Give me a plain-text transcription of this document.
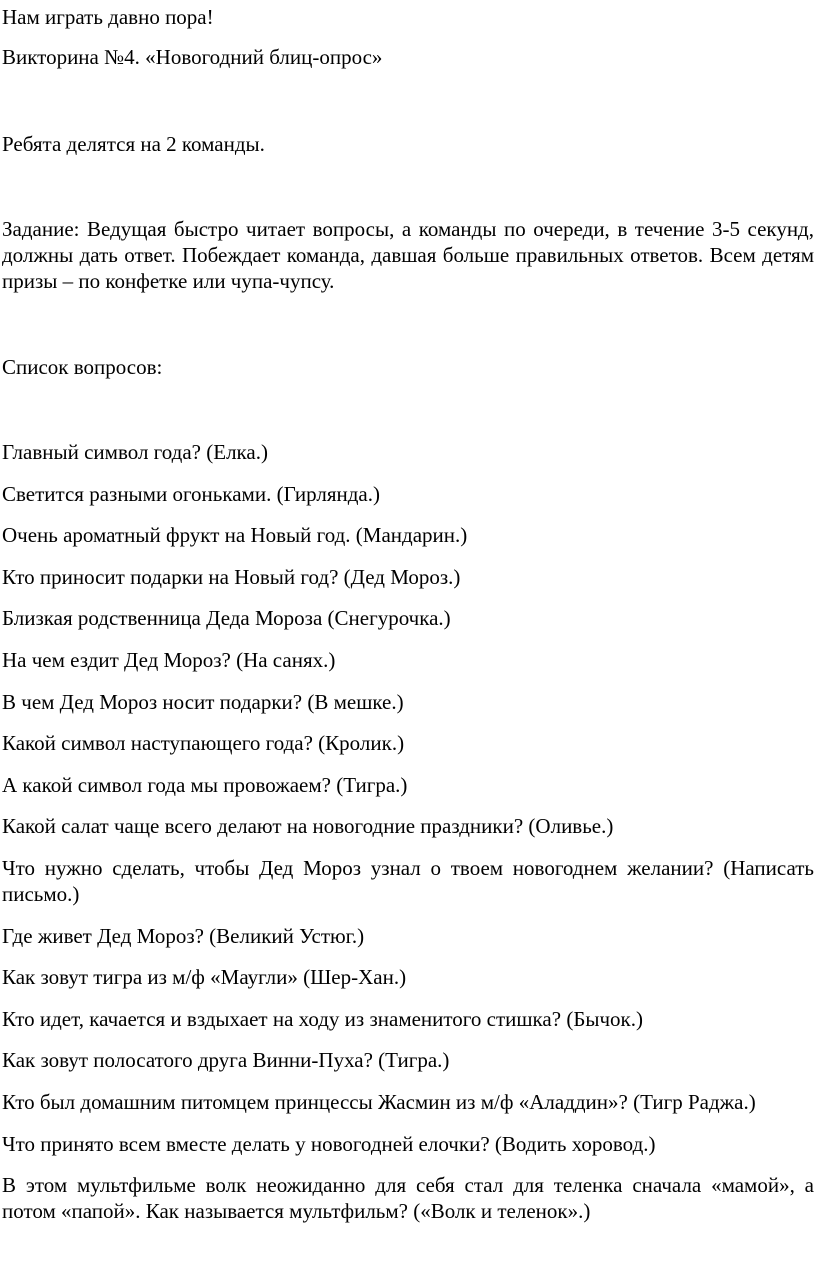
Нам играть давно пора!

Викторина №4. «Новогодний блиц-опрос»

Ребята делятся на 2 команды.

Задание: Ведущая быстро читает вопросы, а команды по очереди, в течение 3-5 секунд, должны дать ответ. Побеждает команда, давшая больше правильных ответов. Всем детям призы – по конфетке или чупа-чупсу.

Список вопросов:

Главный символ года? (Елка.)

Светится разными огоньками. (Гирлянда.)

Очень ароматный фрукт на Новый год. (Мандарин.)

Кто приносит подарки на Новый год? (Дед Мороз.)

Близкая родственница Деда Мороза (Снегурочка.)

На чем ездит Дед Мороз? (На санях.)

В чем Дед Мороз носит подарки? (В мешке.)

Какой символ наступающего года? (Кролик.)

А какой символ года мы провожаем? (Тигра.)

Какой салат чаще всего делают на новогодние праздники? (Оливье.)

Что нужно сделать, чтобы Дед Мороз узнал о твоем новогоднем желании? (Написать письмо.)

Где живет Дед Мороз? (Великий Устюг.)

Как зовут тигра из м/ф «Маугли» (Шер-Хан.)

Кто идет, качается и вздыхает на ходу из знаменитого стишка? (Бычок.)

Как зовут полосатого друга Винни-Пуха? (Тигра.)

Кто был домашним питомцем принцессы Жасмин из м/ф «Аладдин»? (Тигр Раджа.)

Что принято всем вместе делать у новогодней елочки? (Водить хоровод.)

В этом мультфильме волк неожиданно для себя стал для теленка сначала «мамой», а потом «папой». Как называется мультфильм? («Волк и теленок».)
